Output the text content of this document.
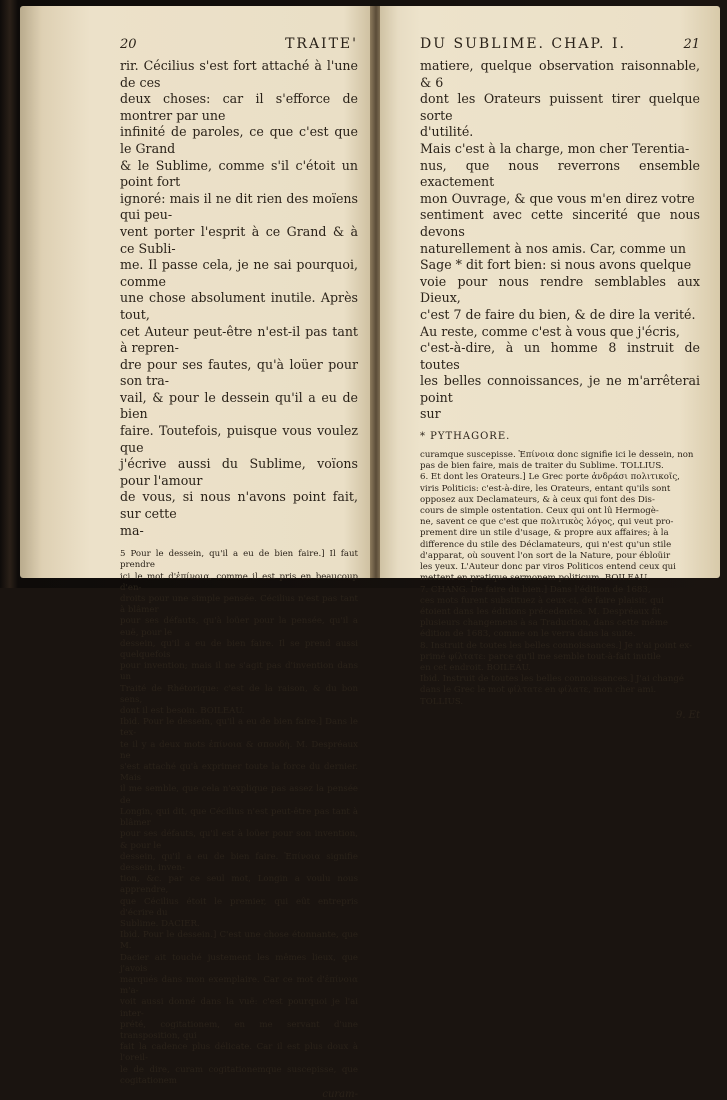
20	TRAITE'

rir. Cécilius s'est fort attaché à l'une de ces

deux choses: car il s'efforce de montrer par une

infinité de paroles, ce que c'est que le Grand

& le Sublime, comme s'il c'étoit un point fort

ignoré: mais il ne dit rien des moïens qui peu-

vent porter l'esprit à ce Grand & à ce Subli-

me. Il passe cela, je ne sai pourquoi, comme

une chose absolument inutile. Après tout,

cet Auteur peut-être n'est-il pas tant à repren-

dre pour ses fautes, qu'à loüer pour son tra-

vail, & pour le dessein qu'il a eu de bien

faire. Toutefois, puisque vous voulez que

j'écrive aussi du Sublime, voïons pour l'amour

de vous, si nous n'avons point fait, sur cette

ma-

5 Pour le dessein, qu'il a eu de bien faire.] Il faut prendre

ici le mot d'ἐπίνοια, comme il est pris en beaucoup d'en-

droits pour une simple pensée. Cécilius n'est pas tant à blâmer

pour ses défauts, qu'à loüer pour la pensée, qu'il a euë, pour le

dessein, qu'il a eu de bien faire. Il se prend aussi quelquefois

pour invention; mais il ne s'agit pas d'invention dans un

Traité de Rhétorique: c'est de la raison, & du bon sens,

dont il est besoin. BOILEAU.

Ibid. Pour le dessein, qu'il a eu de bien faire.] Dans le tex-

te il y a deux mots ἐπίνοια & σπουδὴ. M. Despréaux ne

s'est attaché qu'à exprimer toute la force du dernier. Mais

il me semble, que cela n'explique pas assez la pensée de

Longin, qui dit, que Cécilius n'est peut-être pas tant à blâmer

pour ses défauts, qu'il est à loüer pour son invention, & pour le

dessein, qu'il a eu de bien faire. Ἐπίνοια signifie dessein, inven-

tion, &c. par ce seul mot, Longin a voulu nous apprendre,

que Cécilius étoit le premier, qui eût entrepris d'écrire du

Sublime. DACIER.

Ibid. Pour le dessein.] C'est une chose étonnante, que M.

Dacier ait touché justement les mêmes lieux, que j'avois

marqués dans mon exemplaire. Car ce mot d'ἐπίνοια m'a-

voit aussi donné dans la vuë: c'est pourquoi je l'ai inter-

prété, cogitationem, en me servant d'une transposition, qui

fait la cadence plus délicate. Car il est plus doux à l'oreil-

le de dire, curam cogitationemque suscepisse, que cogitationem

curam-
DU SUBLIME. CHAP. I.	21

matiere, quelque observation raisonnable, & 6

dont les Orateurs puissent tirer quelque sorte

d'utilité.

Mais c'est à la charge, mon cher Terentia-

nus, que nous reverrons ensemble exactement

mon Ouvrage, & que vous m'en direz votre

sentiment avec cette sincerité que nous devons

naturellement à nos amis. Car, comme un

Sage * dit fort bien: si nous avons quelque

voie pour nous rendre semblables aux Dieux,

c'est 7 de faire du bien, & de dire la verité.

Au reste, comme c'est à vous que j'écris,

c'est-à-dire, à un homme 8 instruit de toutes

les belles connoissances, je ne m'arrêterai point

sur

* PYTHAGORE.

curamque suscepisse. Ἐπίνοια donc signifie ici le dessein, non

pas de bien faire, mais de traiter du Sublime. TOLLIUS.

6. Et dont les Orateurs.] Le Grec porte ἀνδράσι πολιτικοῖς,

viris Politicis: c'est-à-dire, les Orateurs, entant qu'ils sont

opposez aux Declamateurs, & à ceux qui font des Dis-

cours de simple ostentation. Ceux qui ont lû Hermogè-

ne, savent ce que c'est que πολιτικὸς λόγος, qui veut pro-

prement dire un stile d'usage, & propre aux affaires; à la

difference du stile des Déclamateurs, qui n'est qu'un stile

d'apparat, où souvent l'on sort de la Nature, pour ébloüir

les yeux. L'Auteur donc par viros Politicos entend ceux qui

mettent en pratique sermonem politicum. BOILEAU.

7. CHANG. De faire du bien.] Dans l'édition de 1683,

ces mots furent substituez à ceux-ci, de faire plaisir, qui

étoient dans les éditions précedentes. M. Despréaux fit

plusieurs changemens à sa Traduction, dans cette même

édition de 1683, comme on le verra dans la suite.

8. Instruit de toutes les belles connoissances.] Je n'ai point ex-

primé φίλτατε: parce qu'il me semble tout-à-fait inutile

en cet endroit. BOILEAU.

Ibid. Instruit de toutes les belles connoissances.] J'ai changé

dans le Grec le mot φίλτατε en φίλατε, mon cher ami.

TOLLIUS.

9. Et
